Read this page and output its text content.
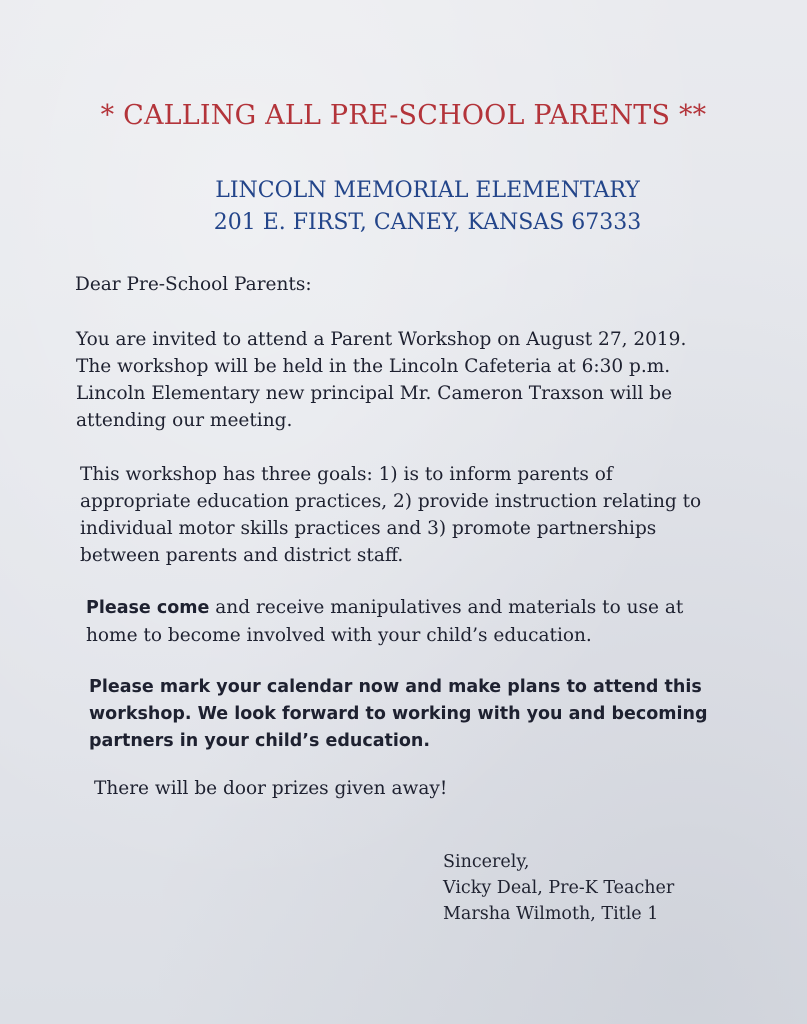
* CALLING ALL PRE-SCHOOL PARENTS **
LINCOLN MEMORIAL ELEMENTARY
201 E. FIRST, CANEY, KANSAS 67333
Dear Pre-School Parents:
You are invited to attend a Parent Workshop on August 27, 2019.
The workshop will be held in the Lincoln Cafeteria at 6:30 p.m.
Lincoln Elementary new principal Mr. Cameron Traxson will be
attending our meeting.
This workshop has three goals: 1) is to inform parents of
appropriate education practices, 2) provide instruction relating to
individual motor skills practices and 3) promote partnerships
between parents and district staff.
Please come and receive manipulatives and materials to use at
home to become involved with your child’s education.
Please mark your calendar now and make plans to attend this
workshop. We look forward to working with you and becoming
partners in your child’s education.
There will be door prizes given away!
Sincerely,
Vicky Deal, Pre-K Teacher
Marsha Wilmoth, Title 1
